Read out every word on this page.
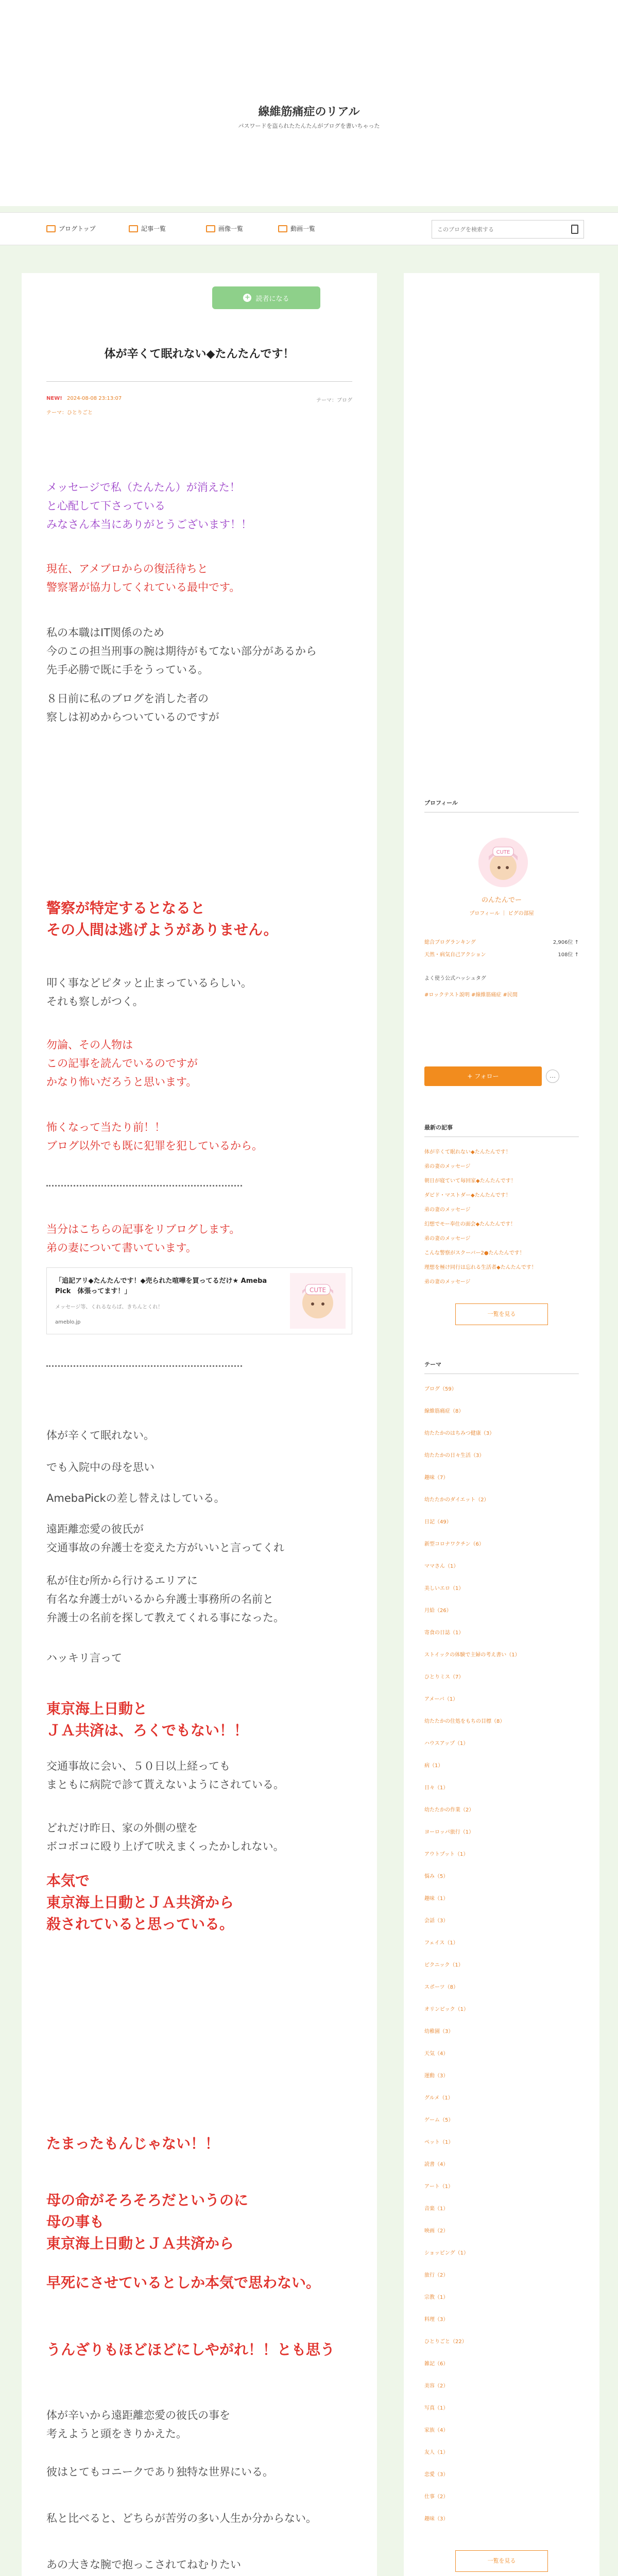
線維筋痛症のリアル
パスワードを盗られたたんたんがブログを書いちゃった
ブログトップ	記事一覧	画像一覧	動画一覧
このブログを検索する
+ 読者になる
体が辛くて眠れない◆たんたんです！
NEW! 2024-08-08 23:13:07	テーマ：ブログ
テーマ：ひとりごと
メッセージで私（たんたん）が消えた！
と心配して下さっている
みなさん本当にありがとうございます！！
現在、アメブロからの復活待ちと
警察署が協力してくれている最中です。
私の本職はIT関係のため
今のこの担当刑事の腕は期待がもてない部分があるから
先手必勝で既に手をうっている。
８日前に私のブログを消した者の
察しは初めからついているのですが
警察が特定するとなると
その人間は逃げようがありません。
叩く事などピタッと止まっているらしい。
それも察しがつく。
勿論、その人物は
この記事を読んでいるのですが
かなり怖いだろうと思います。
怖くなって当たり前！！
ブログ以外でも既に犯罪を犯しているから。
当分はこちらの記事をリブログします。
弟の妻について書いています。
「追記アリ◆たんたんです！◆売られた喧嘩を買ってるだけ★ Ameba Pick　体張ってます！」
メッセージ等、くれるならば、きちんとくれ！
ameblo.jp
CUTE
体が辛くて眠れない。
でも入院中の母を思い
AmebaPickの差し替えはしている。
遠距離恋愛の彼氏が
交通事故の弁護士を変えた方がいいと言ってくれ
私が住む所から行けるエリアに
有名な弁護士がいるから弁護士事務所の名前と
弁護士の名前を探して教えてくれる事になった。
ハッキリ言って
東京海上日動と
ＪＡ共済は、ろくでもない！！
交通事故に会い、５０日以上経っても
まともに病院で診て貰えないようにされている。
どれだけ昨日、家の外側の壁を
ボコボコに殴り上げて吠えまくったかしれない。
本気で
東京海上日動とＪＡ共済から
殺されていると思っている。
たまったもんじゃない！！
母の命がそろそろだというのに
母の事も
東京海上日動とＪＡ共済から
早死にさせているとしか本気で思わない。
うんざりもほどほどにしやがれ！！とも思う
体が辛いから遠距離恋愛の彼氏の事を
考えようと頭をきりかえた。
彼はとてもコニークであり独特な世界にいる。
私と比べると、どちらが苦労の多い人生か分からない。
あの大きな腕で抱っこされてねむりたい
プロフィール
CUTE
のんたんでー
プロフィール ｜ ピグの部屋
総合ブログランキング	2,906位 ↑
天然・病気自己アクション	108位 ↑
よく使う公式ハッシュタグ
#ロックテスト説明 #線維筋痛症 #民間
+ フォロー	…
最新の記事
体が辛くて眠れない◆たんたんです！
弟の妻のメッセージ
朝日が寝ていて毎回家◆たんたんです！
ダビド・マストダー◆たんたんです！
弟の妻のメッセージ
幻想でモー奉仕の面会◆たんたんです！
弟の妻のメッセージ
こんな警察がスクーバー2●たんたんです！
理想を極け同行は忘れる生活者◆たんたんです！
弟の妻のメッセージ
一覧を見る
テーマ
ブログ（59）
線維筋痛症（8）
幼たたかのはちみつ健康（3）
幼たたかの日々生活（3）
趣味（7）
幼たたかのダイエット（2）
日記（49）
新型コロナワクチン（6）
ママさん（1）
美しいエロ（1）
月給（26）
寄食の日誌（1）
ストイックの体験で主婦の考え書い（1）
ひとりミス（7）
アメーバ（1）
幼たたかの住処をもちの目標（8）
ハウスアップ（1）
病（1）
日々（1）
幼たたかの作業（2）
ヨーロッパ旅行（1）
アウトプット（1）
悩み（5）
趣味（1）
会話（3）
フェイス（1）
ピクニック（1）
スポーツ（8）
オリンピック（1）
幼稚園（3）
天気（4）
運動（3）
グルメ（1）
ゲーム（5）
ペット（1）
読書（4）
アート（1）
音楽（1）
映画（2）
ショッピング（1）
旅行（2）
宗教（1）
料理（3）
ひとりごと（22）
雑記（6）
美容（2）
写真（1）
家族（4）
友人（1）
恋愛（3）
仕事（2）
趣味（3）
一覧を見る
